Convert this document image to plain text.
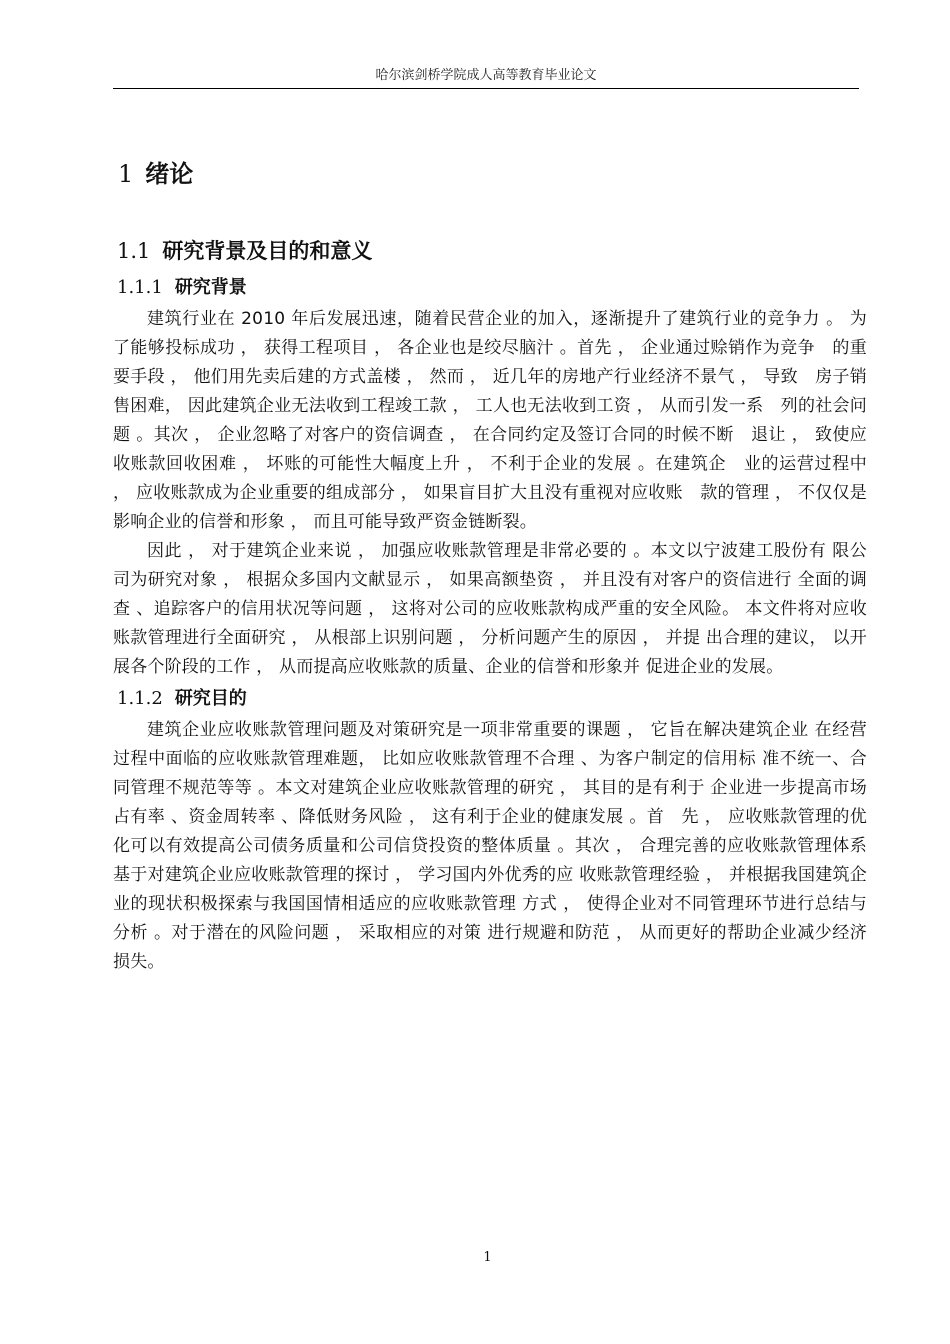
哈尔滨剑桥学院成人高等教育毕业论文
1 绪论
1.1 研究背景及目的和意义
1.1.1 研究背景

建筑行业在 2010 年后发展迅速，随着民营企业的加入，逐渐提升了建筑行业的竞争力 。 为了能够投标成功 ， 获得工程项目 ， 各企业也是绞尽脑汁 。首先 ， 企业通过赊销作为竞争　的重要手段 ， 他们用先卖后建的方式盖楼 ， 然而 ， 近几年的房地产行业经济不景气 ， 导致　房子销售困难， 因此建筑企业无法收到工程竣工款 ， 工人也无法收到工资 ， 从而引发一系　列的社会问题 。其次 ， 企业忽略了对客户的资信调查 ， 在合同约定及签订合同的时候不断　退让 ， 致使应收账款回收困难 ， 坏账的可能性大幅度上升 ， 不利于企业的发展 。在建筑企　业的运营过程中 ， 应收账款成为企业重要的组成部分 ， 如果盲目扩大且没有重视对应收账　款的管理 ， 不仅仅是影响企业的信誉和形象 ， 而且可能导致严资金链断裂。

因此 ， 对于建筑企业来说 ， 加强应收账款管理是非常必要的 。本文以宁波建工股份有 限公司为研究对象 ， 根据众多国内文献显示 ， 如果高额垫资 ， 并且没有对客户的资信进行 全面的调查 、追踪客户的信用状况等问题 ， 这将对公司的应收账款构成严重的安全风险。 本文件将对应收账款管理进行全面研究 ， 从根部上识别问题 ， 分析问题产生的原因 ， 并提 出合理的建议， 以开展各个阶段的工作 ， 从而提高应收账款的质量、企业的信誉和形象并 促进企业的发展。

1.1.2 研究目的

建筑企业应收账款管理问题及对策研究是一项非常重要的课题 ， 它旨在解决建筑企业 在经营过程中面临的应收账款管理难题， 比如应收账款管理不合理 、为客户制定的信用标 准不统一、合同管理不规范等等 。本文对建筑企业应收账款管理的研究 ， 其目的是有利于 企业进一步提高市场占有率 、资金周转率 、降低财务风险 ， 这有利于企业的健康发展 。首　先 ， 应收账款管理的优化可以有效提高公司债务质量和公司信贷投资的整体质量 。其次 ， 合理完善的应收账款管理体系基于对建筑企业应收账款管理的探讨 ， 学习国内外优秀的应 收账款管理经验 ， 并根据我国建筑企业的现状积极探索与我国国情相适应的应收账款管理 方式 ， 使得企业对不同管理环节进行总结与分析 。对于潜在的风险问题 ， 采取相应的对策 进行规避和防范 ， 从而更好的帮助企业减少经济损失。

1
